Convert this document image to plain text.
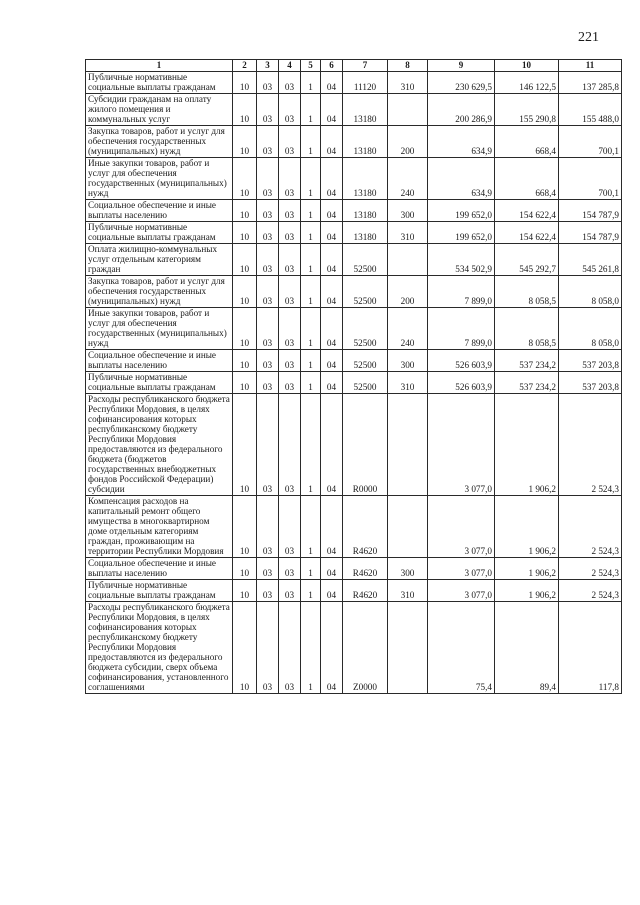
221
1	2	3	4	5	6	7	8	9	10	11
Публичные нормативные социальные выплаты гражданам	10	03	03	1	04	11120	310	230 629,5	146 122,5	137 285,8
Субсидии гражданам на оплату жилого помещения и коммунальных услуг	10	03	03	1	04	13180		200 286,9	155 290,8	155 488,0
Закупка товаров, работ и услуг для обеспечения государственных (муниципальных) нужд	10	03	03	1	04	13180	200	634,9	668,4	700,1
Иные закупки товаров, работ и услуг для обеспечения государственных (муниципальных) нужд	10	03	03	1	04	13180	240	634,9	668,4	700,1
Социальное обеспечение и иные выплаты населению	10	03	03	1	04	13180	300	199 652,0	154 622,4	154 787,9
Публичные нормативные социальные выплаты гражданам	10	03	03	1	04	13180	310	199 652,0	154 622,4	154 787,9
Оплата жилищно-коммунальных услуг отдельным категориям граждан	10	03	03	1	04	52500		534 502,9	545 292,7	545 261,8
Закупка товаров, работ и услуг для обеспечения государственных (муниципальных) нужд	10	03	03	1	04	52500	200	7 899,0	8 058,5	8 058,0
Иные закупки товаров, работ и услуг для обеспечения государственных (муниципальных) нужд	10	03	03	1	04	52500	240	7 899,0	8 058,5	8 058,0
Социальное обеспечение и иные выплаты населению	10	03	03	1	04	52500	300	526 603,9	537 234,2	537 203,8
Публичные нормативные социальные выплаты гражданам	10	03	03	1	04	52500	310	526 603,9	537 234,2	537 203,8
Расходы республиканского бюджета Республики Мордовия, в целях софинансирования которых республиканскому бюджету Республики Мордовия предоставляются из федерального бюджета (бюджетов государственных внебюджетных фондов Российской Федерации) субсидии	10	03	03	1	04	R0000		3 077,0	1 906,2	2 524,3
Компенсация расходов на капитальный ремонт общего имущества в многоквартирном доме отдельным категориям граждан, проживающим на территории Республики Мордовия	10	03	03	1	04	R4620		3 077,0	1 906,2	2 524,3
Социальное обеспечение и иные выплаты населению	10	03	03	1	04	R4620	300	3 077,0	1 906,2	2 524,3
Публичные нормативные социальные выплаты гражданам	10	03	03	1	04	R4620	310	3 077,0	1 906,2	2 524,3
Расходы республиканского бюджета Республики Мордовия, в целях софинансирования которых республиканскому бюджету Республики Мордовия предоставляются из федерального бюджета субсидии, сверх объема софинансирования, установленного соглашениями	10	03	03	1	04	Z0000		75,4	89,4	117,8
